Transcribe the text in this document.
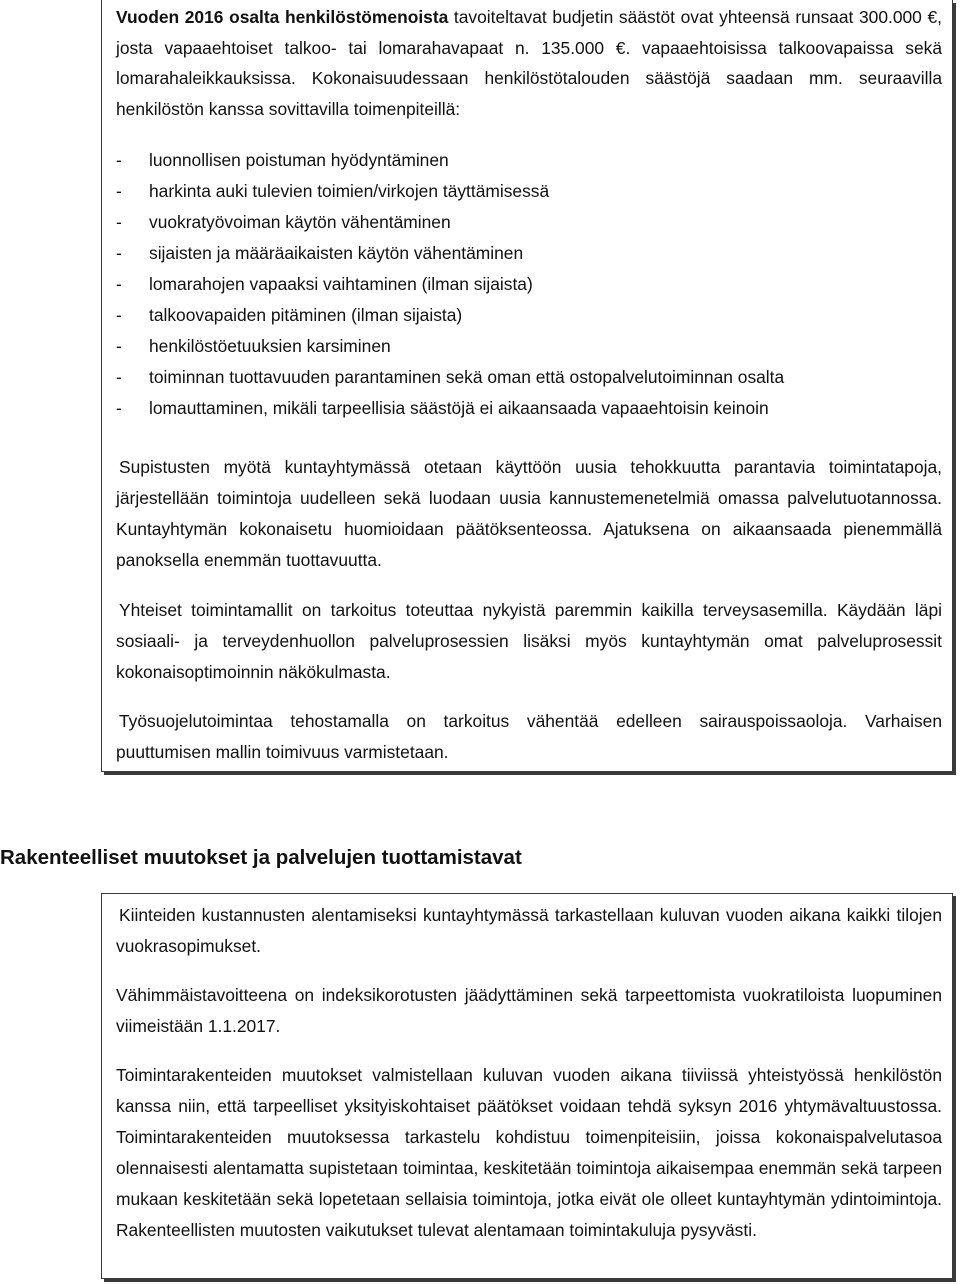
Vuoden 2016 osalta henkilöstömenoista tavoiteltavat budjetin säästöt ovat yhteensä runsaat 300.000 €, josta vapaaehtoiset talkoo- tai lomarahavapaat n. 135.000 €. vapaaehtoisissa talkoovapaissa sekä lomarahaleikkauksissa. Kokonaisuudessaan henkilöstötalouden säästöjä saadaan mm. seuraavilla henkilöstön kanssa sovittavilla toimenpiteillä:

- luonnollisen poistuman hyödyntäminen
- harkinta auki tulevien toimien/virkojen täyttämisessä
- vuokratyövoiman käytön vähentäminen
- sijaisten ja määräaikaisten käytön vähentäminen
- lomarahojen vapaaksi vaihtaminen (ilman sijaista)
- talkoovapaiden pitäminen (ilman sijaista)
- henkilöstöetuuksien karsiminen
- toiminnan tuottavuuden parantaminen sekä oman että ostopalvelutoiminnan osalta
- lomauttaminen, mikäli tarpeellisia säästöjä ei aikaansaada vapaaehtoisin keinoin

Supistusten myötä kuntayhtymässä otetaan käyttöön uusia tehokkuutta parantavia toimintatapoja, järjestellään toimintoja uudelleen sekä luodaan uusia kannustemenetelmiä omassa palvelutuotannossa. Kuntayhtymän kokonaisetu huomioidaan päätöksenteossa. Ajatuksena on aikaansaada pienemmällä panoksella enemmän tuottavuutta.

Yhteiset toimintamallit on tarkoitus toteuttaa nykyistä paremmin kaikilla terveysasemilla. Käydään läpi sosiaali- ja terveydenhuollon palveluprosessien lisäksi myös kuntayhtymän omat palveluprosessit kokonaisoptimoinnin näkökulmasta.

Työsuojelutoimintaa tehostamalla on tarkoitus vähentää edelleen sairauspoissaoloja. Varhaisen puuttumisen mallin toimivuus varmistetaan.

Rakenteelliset muutokset ja palvelujen tuottamistavat

Kiinteiden kustannusten alentamiseksi kuntayhtymässä tarkastellaan kuluvan vuoden aikana kaikki tilojen vuokrasopimukset.

Vähimmäistavoitteena on indeksikorotusten jäädyttäminen sekä tarpeettomista vuokratiloista luopuminen viimeistään 1.1.2017.

Toimintarakenteiden muutokset valmistellaan kuluvan vuoden aikana tiiviissä yhteistyössä henkilöstön kanssa niin, että tarpeelliset yksityiskohtaiset päätökset voidaan tehdä syksyn 2016 yhtymävaltuustossa. Toimintarakenteiden muutoksessa tarkastelu kohdistuu toimenpiteisiin, joissa kokonaispalvelutasoa olennaisesti alentamatta supistetaan toimintaa, keskitetään toimintoja aikaisempaa enemmän sekä tarpeen mukaan keskitetään sekä lopetetaan sellaisia toimintoja, jotka eivät ole olleet kuntayhtymän ydintoimintoja. Rakenteellisten muutosten vaikutukset tulevat alentamaan toimintakuluja pysyvästi.
